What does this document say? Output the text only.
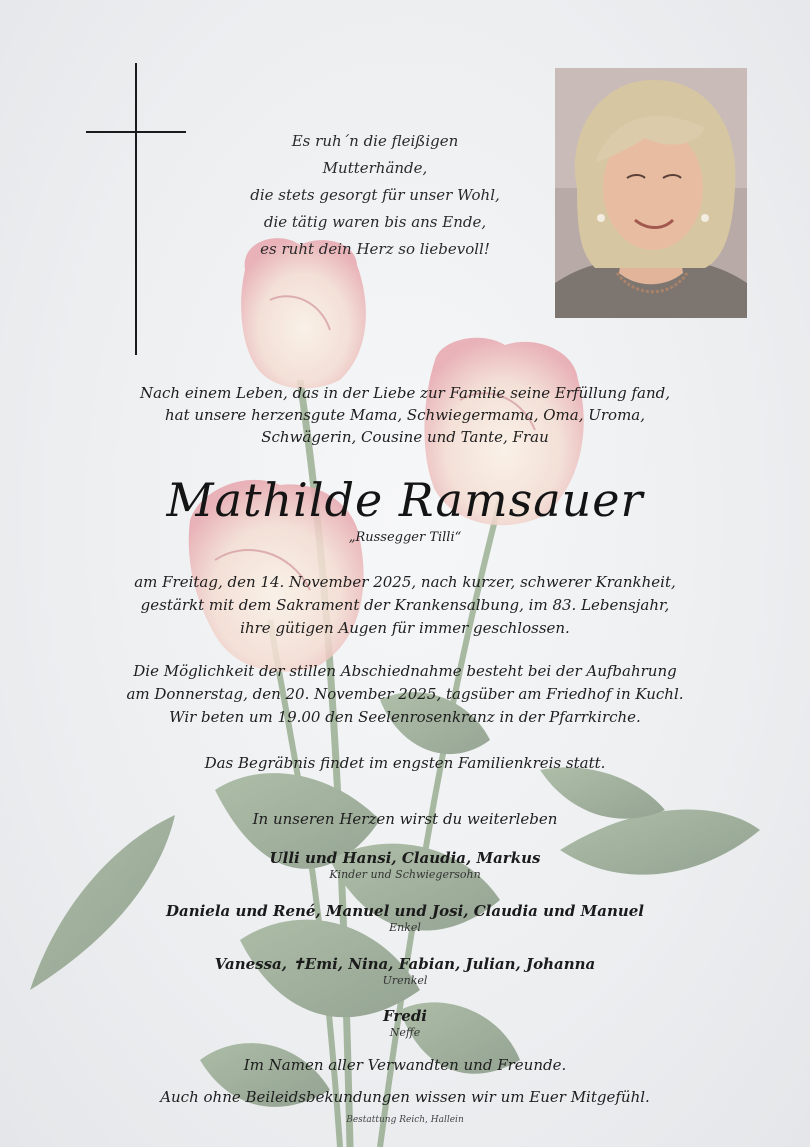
Es ruh´n die fleißigen Mutterhände,
die stets gesorgt für unser Wohl,
die tätig waren bis ans Ende,
es ruht dein Herz so liebevoll!
Nach einem Leben, das in der Liebe zur Familie seine Erfüllung fand,
hat unsere herzensgute Mama, Schwiegermama, Oma, Uroma,
Schwägerin, Cousine und Tante, Frau
Mathilde Ramsauer
„Russegger Tilli“
am Freitag, den 14. November 2025, nach kurzer, schwerer Krankheit,
gestärkt mit dem Sakrament der Krankensalbung, im 83. Lebensjahr,
ihre gütigen Augen für immer geschlossen.
Die Möglichkeit der stillen Abschiednahme besteht bei der Aufbahrung
am Donnerstag, den 20. November 2025, tagsüber am Friedhof in Kuchl.
Wir beten um 19.00 den Seelenrosenkranz in der Pfarrkirche.
Das Begräbnis findet im engsten Familienkreis statt.
In unseren Herzen wirst du weiterleben
Ulli und Hansi, Claudia, Markus
Kinder und Schwiegersohn
Daniela und René, Manuel und Josi, Claudia und Manuel
Enkel
Vanessa, ✝Emi, Nina, Fabian, Julian, Johanna
Urenkel
Fredi
Neffe
Im Namen aller Verwandten und Freunde.
Auch ohne Beileidsbekundungen wissen wir um Euer Mitgefühl.
Bestattung Reich, Hallein
